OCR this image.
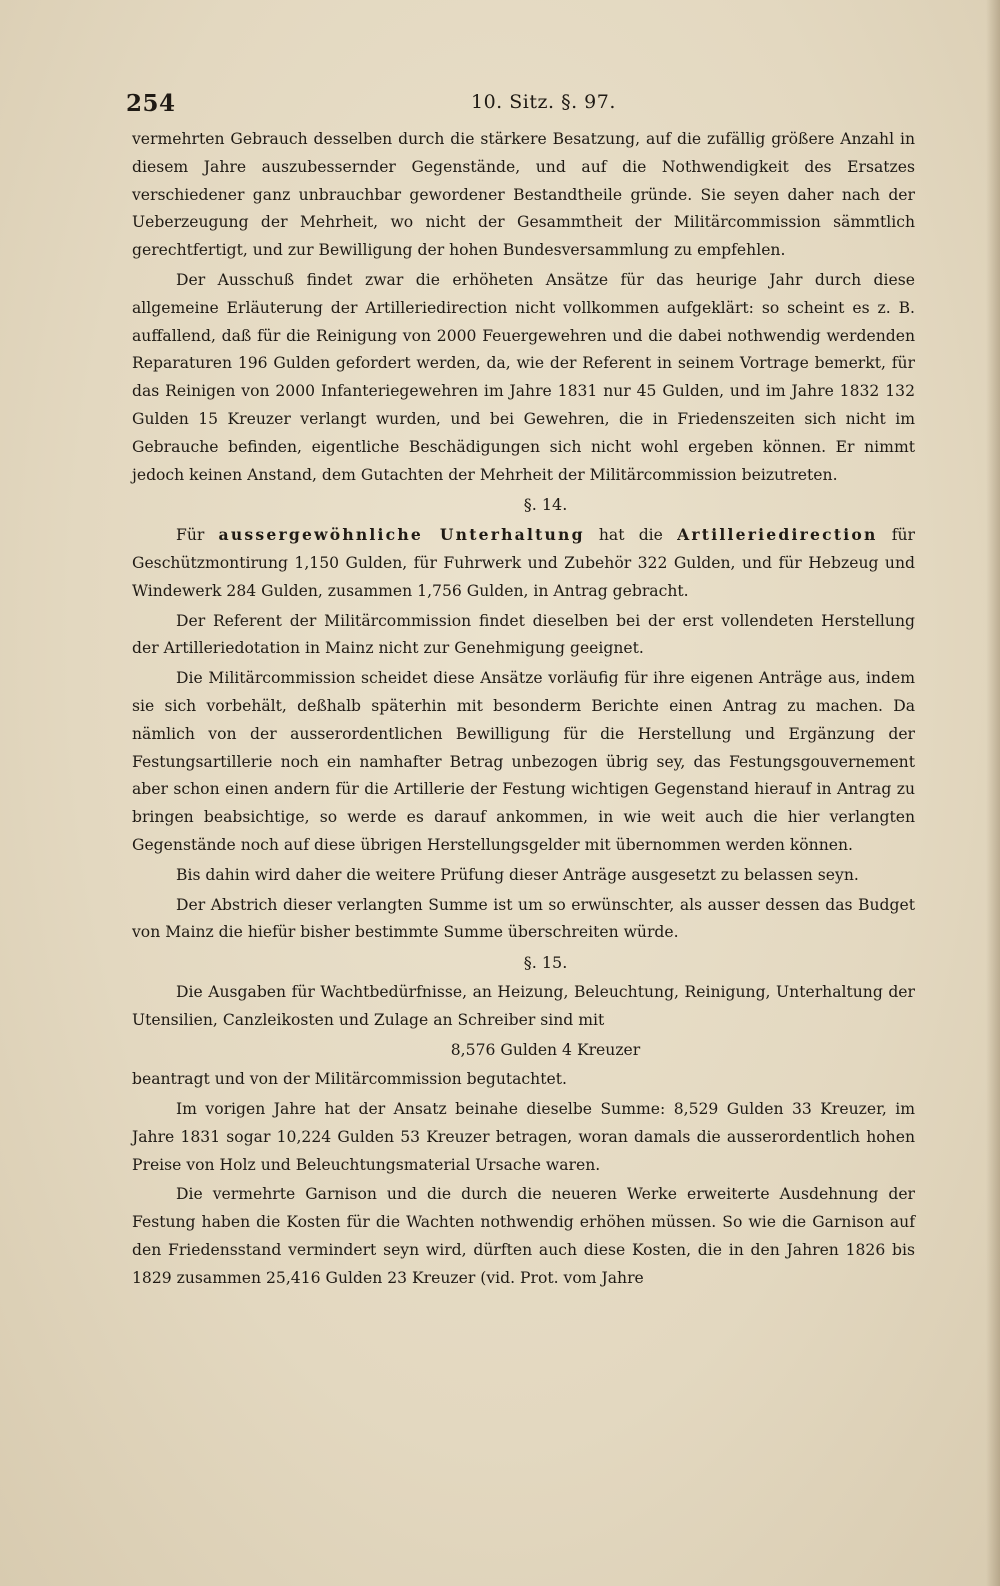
254	10. Sitz. §. 97.

vermehrten Gebrauch desselben durch die stärkere Besatzung, auf die zufällig größere Anzahl in diesem Jahre auszubessernder Gegenstände, und auf die Nothwendigkeit des Ersatzes verschiedener ganz unbrauchbar gewordener Bestandtheile gründe. Sie seyen daher nach der Ueberzeugung der Mehrheit, wo nicht der Gesammtheit der Militärcommission sämmtlich gerechtfertigt, und zur Bewilligung der hohen Bundesversammlung zu empfehlen.

Der Ausschuß findet zwar die erhöheten Ansätze für das heurige Jahr durch diese allgemeine Erläuterung der Artilleriedirection nicht vollkommen aufgeklärt: so scheint es z. B. auffallend, daß für die Reinigung von 2000 Feuergewehren und die dabei nothwendig werdenden Reparaturen 196 Gulden gefordert werden, da, wie der Referent in seinem Vortrage bemerkt, für das Reinigen von 2000 Infanteriegewehren im Jahre 1831 nur 45 Gulden, und im Jahre 1832 132 Gulden 15 Kreuzer verlangt wurden, und bei Gewehren, die in Friedenszeiten sich nicht im Gebrauche befinden, eigentliche Beschädigungen sich nicht wohl ergeben können. Er nimmt jedoch keinen Anstand, dem Gutachten der Mehrheit der Militärcommission beizutreten.

§. 14.

Für aussergewöhnliche Unterhaltung hat die Artilleriedirection für Geschützmontirung 1,150 Gulden, für Fuhrwerk und Zubehör 322 Gulden, und für Hebzeug und Windewerk 284 Gulden, zusammen 1,756 Gulden, in Antrag gebracht.

Der Referent der Militärcommission findet dieselben bei der erst vollendeten Herstellung der Artilleriedotation in Mainz nicht zur Genehmigung geeignet.

Die Militärcommission scheidet diese Ansätze vorläufig für ihre eigenen Anträge aus, indem sie sich vorbehält, deßhalb späterhin mit besonderm Berichte einen Antrag zu machen. Da nämlich von der ausserordentlichen Bewilligung für die Herstellung und Ergänzung der Festungsartillerie noch ein namhafter Betrag unbezogen übrig sey, das Festungsgouvernement aber schon einen andern für die Artillerie der Festung wichtigen Gegenstand hierauf in Antrag zu bringen beabsichtige, so werde es darauf ankommen, in wie weit auch die hier verlangten Gegenstände noch auf diese übrigen Herstellungsgelder mit übernommen werden können.

Bis dahin wird daher die weitere Prüfung dieser Anträge ausgesetzt zu belassen seyn.

Der Abstrich dieser verlangten Summe ist um so erwünschter, als ausser dessen das Budget von Mainz die hiefür bisher bestimmte Summe überschreiten würde.

§. 15.

Die Ausgaben für Wachtbedürfnisse, an Heizung, Beleuchtung, Reinigung, Unterhaltung der Utensilien, Canzleikosten und Zulage an Schreiber sind mit

8,576 Gulden 4 Kreuzer

beantragt und von der Militärcommission begutachtet.

Im vorigen Jahre hat der Ansatz beinahe dieselbe Summe: 8,529 Gulden 33 Kreuzer, im Jahre 1831 sogar 10,224 Gulden 53 Kreuzer betragen, woran damals die ausserordentlich hohen Preise von Holz und Beleuchtungsmaterial Ursache waren.

Die vermehrte Garnison und die durch die neueren Werke erweiterte Ausdehnung der Festung haben die Kosten für die Wachten nothwendig erhöhen müssen. So wie die Garnison auf den Friedensstand vermindert seyn wird, dürften auch diese Kosten, die in den Jahren 1826 bis 1829 zusammen 25,416 Gulden 23 Kreuzer (vid. Prot. vom Jahre
